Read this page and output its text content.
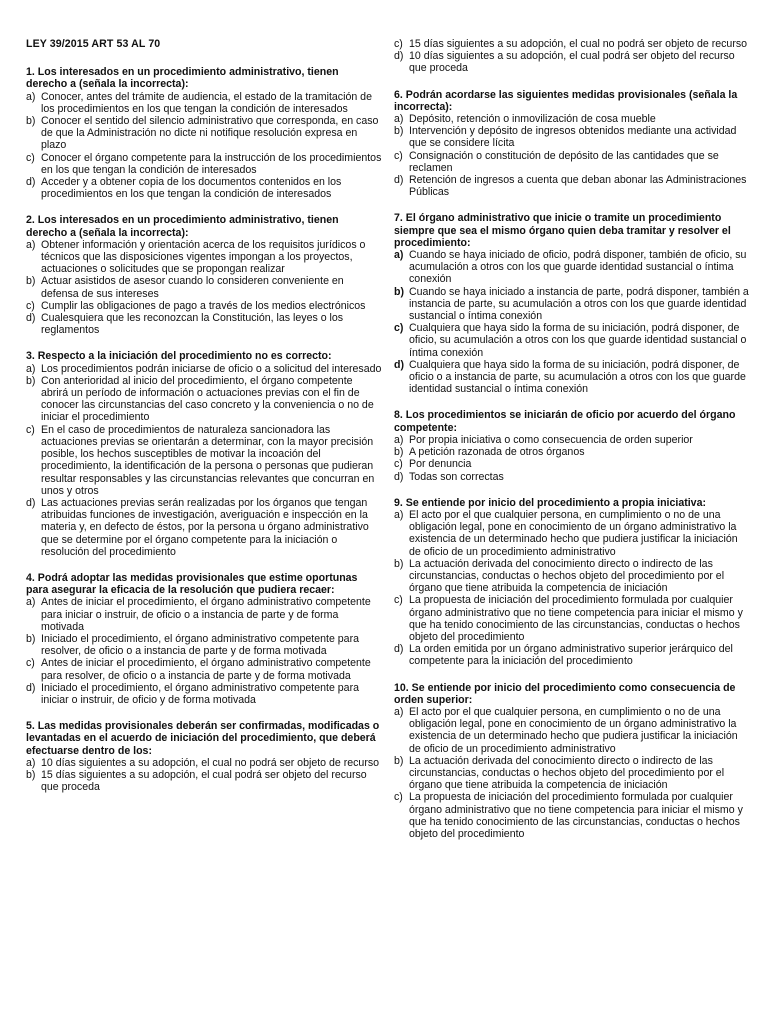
LEY 39/2015 ART 53 AL 70

1. Los interesados en un procedimiento administrativo, tienen derecho a (señala la incorrecta):

a) Conocer, antes del trámite de audiencia, el estado de la tramitación de los procedimientos en los que tengan la condición de interesados
b) Conocer el sentido del silencio administrativo que corresponda, en caso de que la Administración no dicte ni notifique resolución expresa en plazo
c) Conocer el órgano competente para la instrucción de los procedimientos en los que tengan la condición de interesados
d) Acceder y a obtener copia de los documentos contenidos en los procedimientos en los que tengan la condición de interesados

2. Los interesados en un procedimiento administrativo, tienen derecho a (señala la incorrecta):

a) Obtener información y orientación acerca de los requisitos jurídicos o técnicos que las disposiciones vigentes impongan a los proyectos, actuaciones o solicitudes que se propongan realizar
b) Actuar asistidos de asesor cuando lo consideren conveniente en defensa de sus intereses
c) Cumplir las obligaciones de pago a través de los medios electrónicos
d) Cualesquiera que les reconozcan la Constitución, las leyes o los reglamentos

3. Respecto a la iniciación del procedimiento no es correcto:

a) Los procedimientos podrán iniciarse de oficio o a solicitud del interesado
b) Con anterioridad al inicio del procedimiento, el órgano competente abrirá un período de información o actuaciones previas con el fin de conocer las circunstancias del caso concreto y la conveniencia o no de iniciar el procedimiento
c) En el caso de procedimientos de naturaleza sancionadora las actuaciones previas se orientarán a determinar, con la mayor precisión posible, los hechos susceptibles de motivar la incoación del procedimiento, la identificación de la persona o personas que pudieran resultar responsables y las circunstancias relevantes que concurran en unos y otros
d) Las actuaciones previas serán realizadas por los órganos que tengan atribuidas funciones de investigación, averiguación e inspección en la materia y, en defecto de éstos, por la persona u órgano administrativo que se determine por el órgano competente para la iniciación o resolución del procedimiento

4. Podrá adoptar las medidas provisionales que estime oportunas para asegurar la eficacia de la resolución que pudiera recaer:

a) Antes de iniciar el procedimiento, el órgano administrativo competente para iniciar o instruir, de oficio o a instancia de parte y de forma motivada
b) Iniciado el procedimiento, el órgano administrativo competente para resolver, de oficio o a instancia de parte y de forma motivada
c) Antes de iniciar el procedimiento, el órgano administrativo competente para resolver, de oficio o a instancia de parte y de forma motivada
d) Iniciado el procedimiento, el órgano administrativo competente para iniciar o instruir, de oficio y de forma motivada

5. Las medidas provisionales deberán ser confirmadas, modificadas o levantadas en el acuerdo de iniciación del procedimiento, que deberá efectuarse dentro de los:

a) 10 días siguientes a su adopción, el cual no podrá ser objeto de recurso
b) 15 días siguientes a su adopción, el cual podrá ser objeto del recurso que proceda
c) 15 días siguientes a su adopción, el cual no podrá ser objeto de recurso
d) 10 días siguientes a su adopción, el cual podrá ser objeto del recurso que proceda

6. Podrán acordarse las siguientes medidas provisionales (señala la incorrecta):

a) Depósito, retención o inmovilización de cosa mueble
b) Intervención y depósito de ingresos obtenidos mediante una actividad que se considere lícita
c) Consignación o constitución de depósito de las cantidades que se reclamen
d) Retención de ingresos a cuenta que deban abonar las Administraciones Públicas

7. El órgano administrativo que inicie o tramite un procedimiento siempre que sea el mismo órgano quien deba tramitar y resolver el procedimiento:

a) Cuando se haya iniciado de oficio, podrá disponer, también de oficio, su acumulación a otros con los que guarde identidad sustancial o íntima conexión
b) Cuando se haya iniciado a instancia de parte, podrá disponer, también a instancia de parte, su acumulación a otros con los que guarde identidad sustancial o íntima conexión
c) Cualquiera que haya sido la forma de su iniciación, podrá disponer, de oficio, su acumulación a otros con los que guarde identidad sustancial o íntima conexión
d) Cualquiera que haya sido la forma de su iniciación, podrá disponer, de oficio o a instancia de parte, su acumulación a otros con los que guarde identidad sustancial o íntima conexión

8. Los procedimientos se iniciarán de oficio por acuerdo del órgano competente:

a) Por propia iniciativa o como consecuencia de orden superior
b) A petición razonada de otros órganos
c) Por denuncia
d) Todas son correctas

9. Se entiende por inicio del procedimiento a propia iniciativa:

a) El acto por el que cualquier persona, en cumplimiento o no de una obligación legal, pone en conocimiento de un órgano administrativo la existencia de un determinado hecho que pudiera justificar la iniciación de oficio de un procedimiento administrativo
b) La actuación derivada del conocimiento directo o indirecto de las circunstancias, conductas o hechos objeto del procedimiento por el órgano que tiene atribuida la competencia de iniciación
c) La propuesta de iniciación del procedimiento formulada por cualquier órgano administrativo que no tiene competencia para iniciar el mismo y que ha tenido conocimiento de las circunstancias, conductas o hechos objeto del procedimiento
d) La orden emitida por un órgano administrativo superior jerárquico del competente para la iniciación del procedimiento

10. Se entiende por inicio del procedimiento como consecuencia de orden superior:

a) El acto por el que cualquier persona, en cumplimiento o no de una obligación legal, pone en conocimiento de un órgano administrativo la existencia de un determinado hecho que pudiera justificar la iniciación de oficio de un procedimiento administrativo
b) La actuación derivada del conocimiento directo o indirecto de las circunstancias, conductas o hechos objeto del procedimiento por el órgano que tiene atribuida la competencia de iniciación
c) La propuesta de iniciación del procedimiento formulada por cualquier órgano administrativo que no tiene competencia para iniciar el mismo y que ha tenido conocimiento de las circunstancias, conductas o hechos objeto del procedimiento
